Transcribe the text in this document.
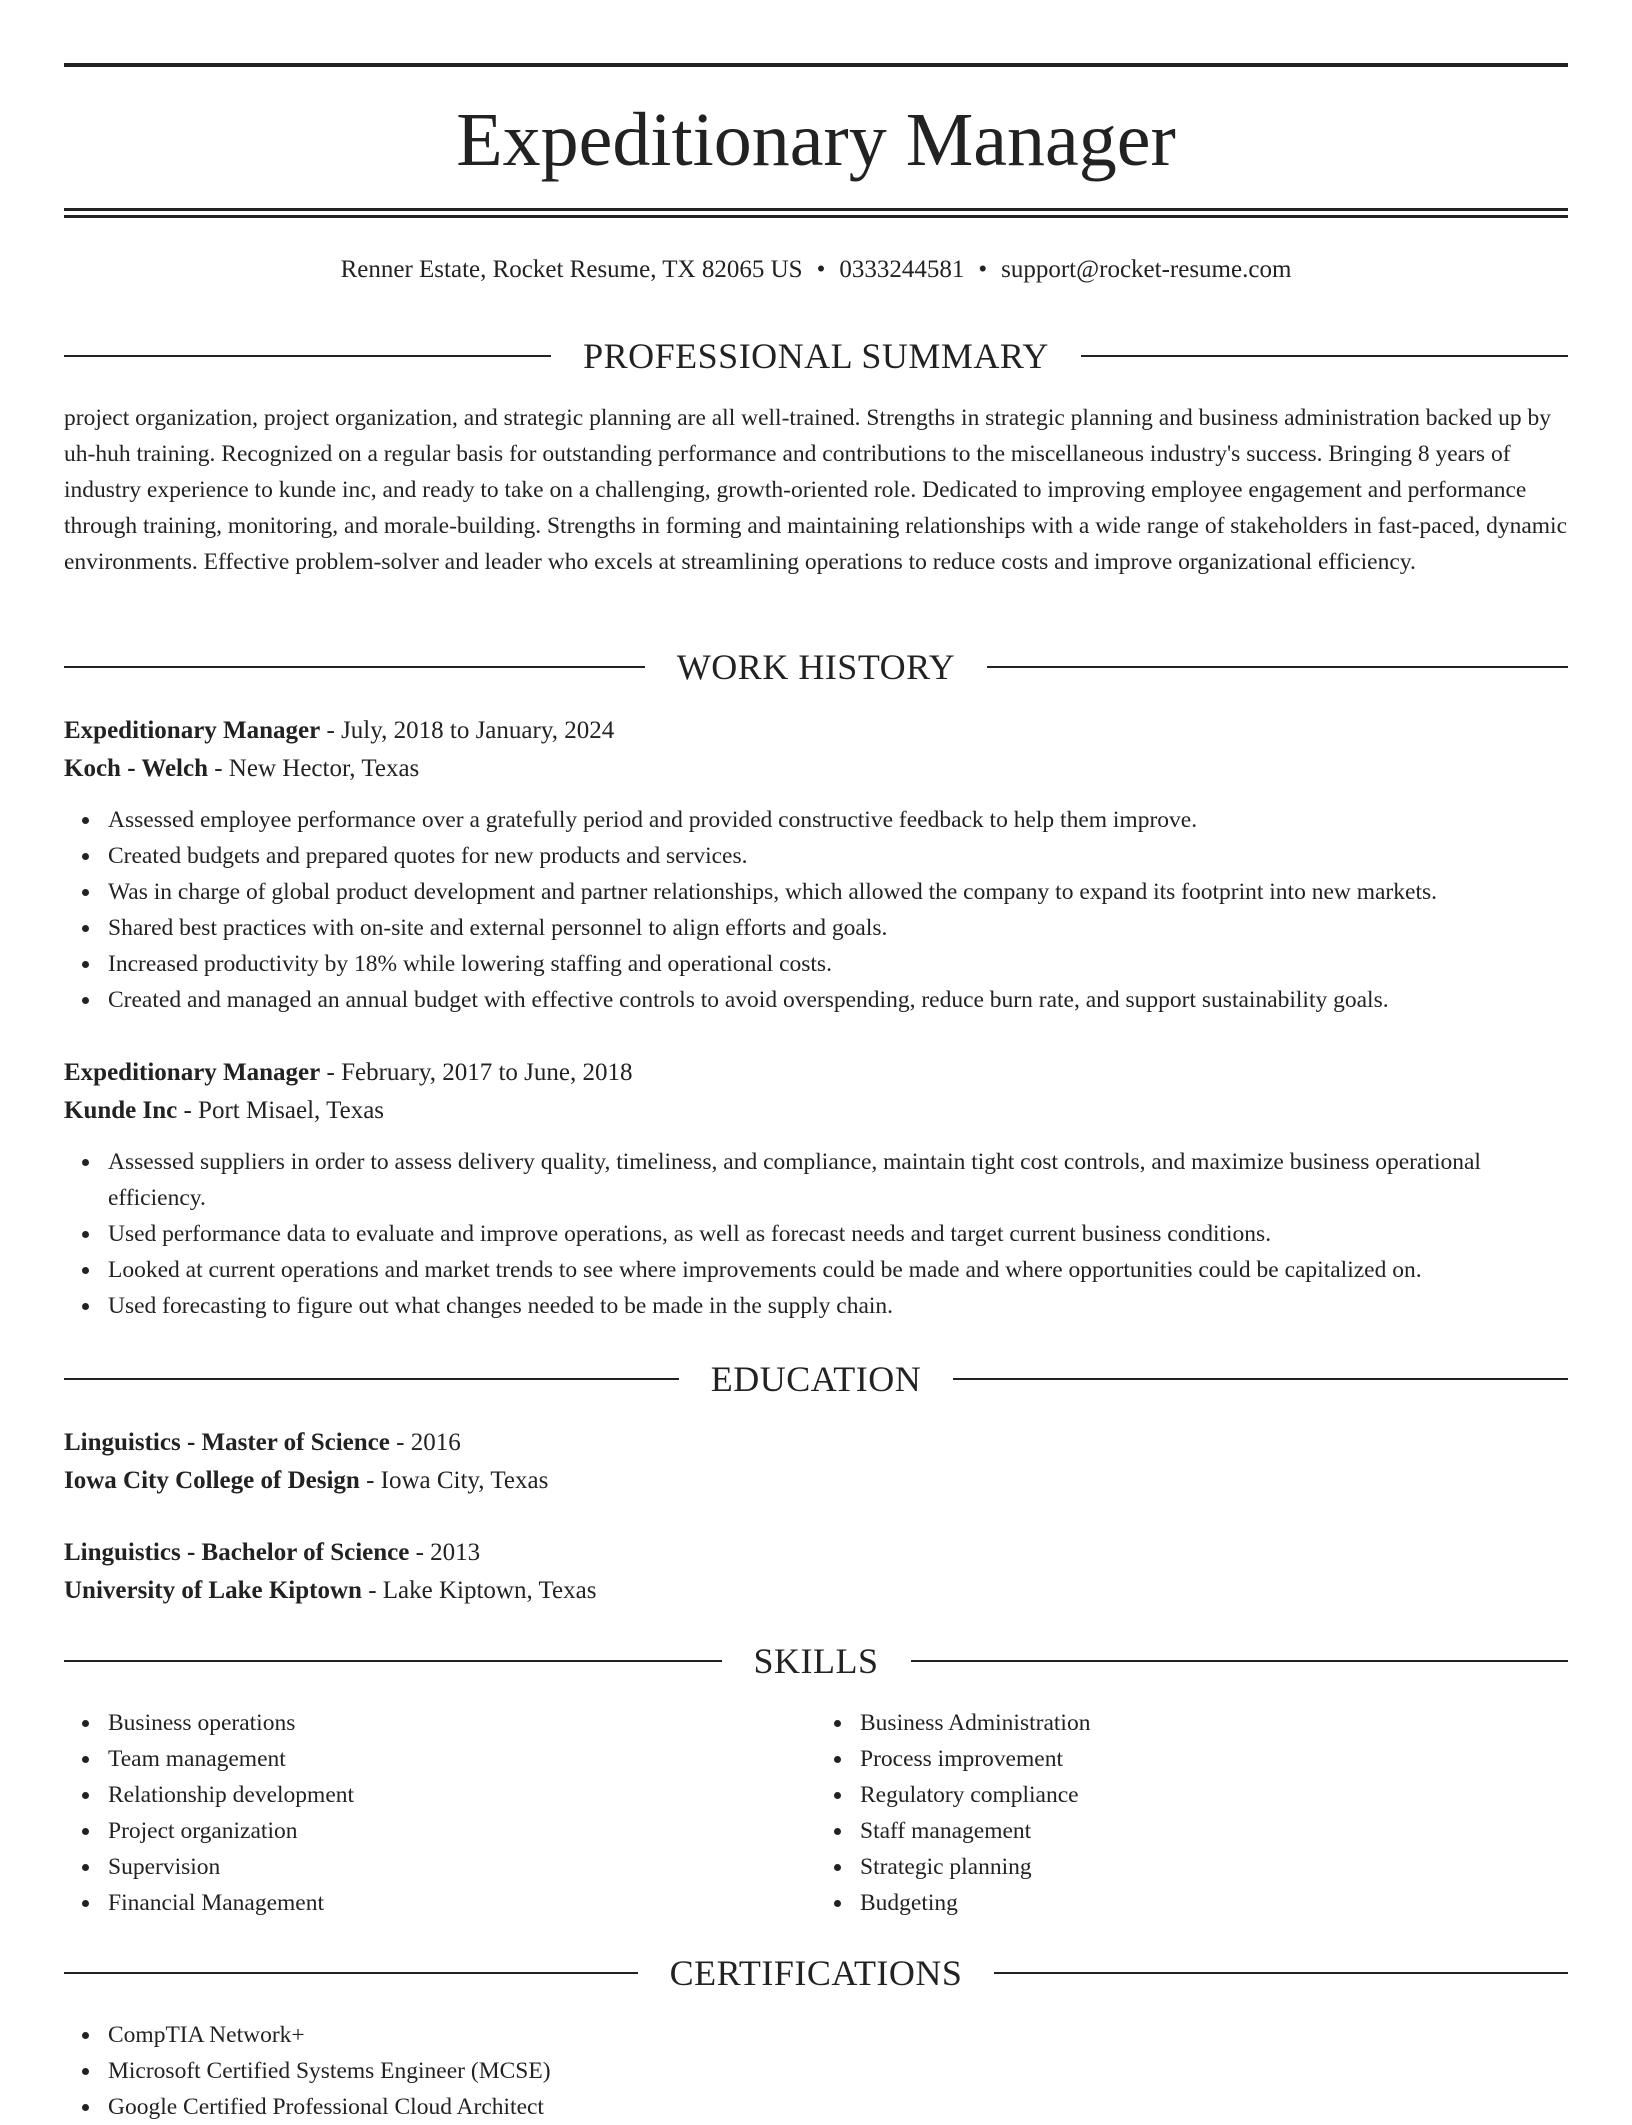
Expeditionary Manager
Renner Estate, Rocket Resume, TX 82065 US • 0333244581 • support@rocket-resume.com
PROFESSIONAL SUMMARY

project organization, project organization, and strategic planning are all well-trained. Strengths in strategic planning and business administration backed up by uh-huh training. Recognized on a regular basis for outstanding performance and contributions to the miscellaneous industry's success. Bringing 8 years of industry experience to kunde inc, and ready to take on a challenging, growth-oriented role. Dedicated to improving employee engagement and performance through training, monitoring, and morale-building. Strengths in forming and maintaining relationships with a wide range of stakeholders in fast-paced, dynamic environments. Effective problem-solver and leader who excels at streamlining operations to reduce costs and improve organizational efficiency.

WORK HISTORY

Expeditionary Manager - July, 2018 to January, 2024

Koch - Welch - New Hector, Texas

Assessed employee performance over a gratefully period and provided constructive feedback to help them improve.
Created budgets and prepared quotes for new products and services.
Was in charge of global product development and partner relationships, which allowed the company to expand its footprint into new markets.
Shared best practices with on-site and external personnel to align efforts and goals.
Increased productivity by 18% while lowering staffing and operational costs.
Created and managed an annual budget with effective controls to avoid overspending, reduce burn rate, and support sustainability goals.

Expeditionary Manager - February, 2017 to June, 2018

Kunde Inc - Port Misael, Texas

Assessed suppliers in order to assess delivery quality, timeliness, and compliance, maintain tight cost controls, and maximize business operational efficiency.
Used performance data to evaluate and improve operations, as well as forecast needs and target current business conditions.
Looked at current operations and market trends to see where improvements could be made and where opportunities could be capitalized on.
Used forecasting to figure out what changes needed to be made in the supply chain.
EDUCATION

Linguistics - Master of Science - 2016

Iowa City College of Design - Iowa City, Texas

Linguistics - Bachelor of Science - 2013

University of Lake Kiptown - Lake Kiptown, Texas

SKILLS
Business operations
Team management
Relationship development
Project organization
Supervision
Financial Management
Business Administration
Process improvement
Regulatory compliance
Staff management
Strategic planning
Budgeting
CERTIFICATIONS
CompTIA Network+
Microsoft Certified Systems Engineer (MCSE)
Google Certified Professional Cloud Architect
